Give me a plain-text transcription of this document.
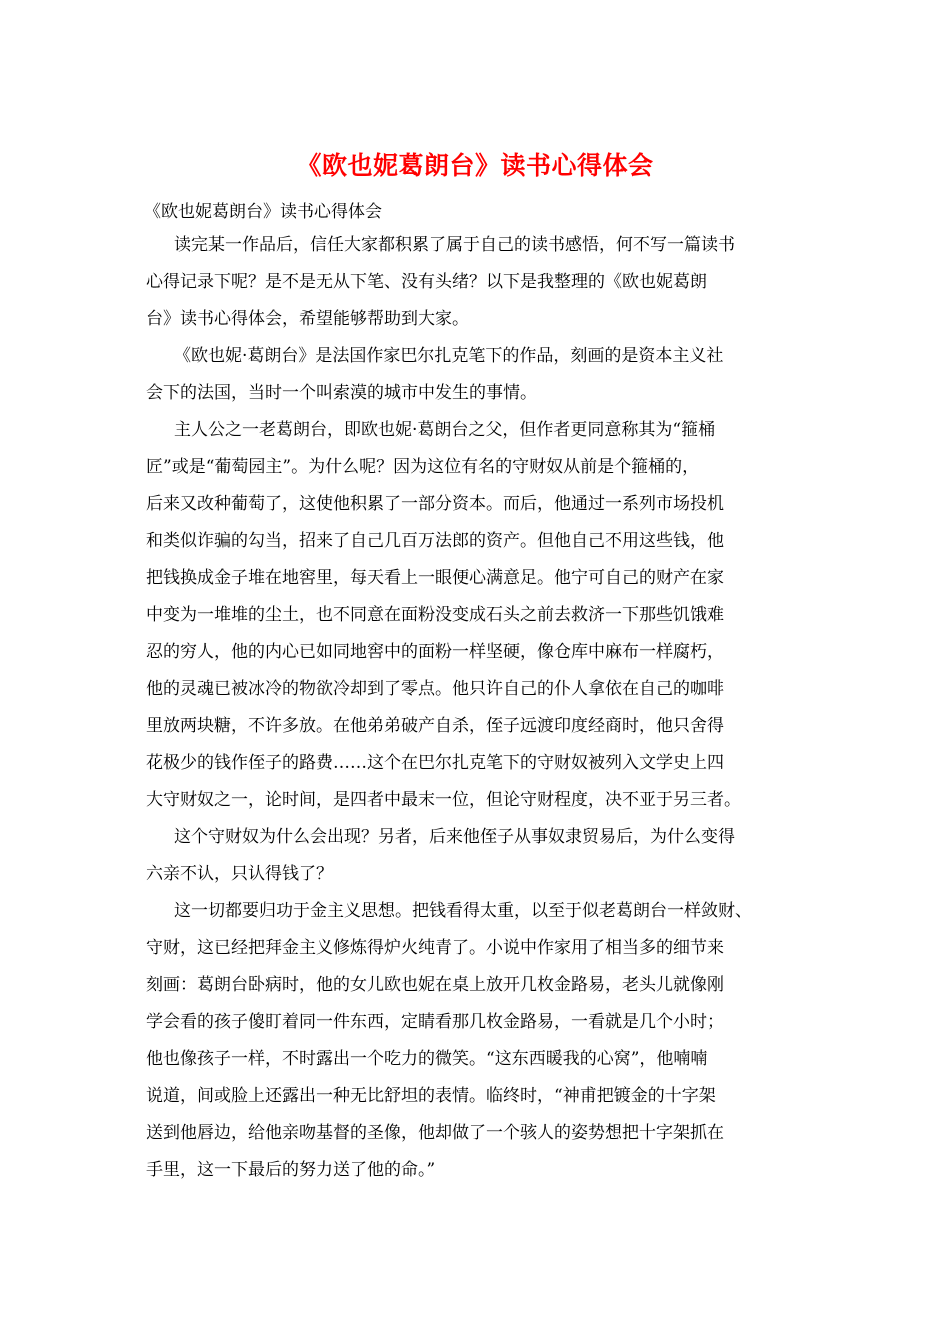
《欧也妮葛朗台》读书心得体会
《欧也妮葛朗台》读书心得体会
读完某一作品后，信任大家都积累了属于自己的读书感悟，何不写一篇读书
心得记录下呢？是不是无从下笔、没有头绪？以下是我整理的《欧也妮葛朗
台》读书心得体会，希望能够帮助到大家。
《欧也妮·葛朗台》是法国作家巴尔扎克笔下的作品，刻画的是资本主义社
会下的法国，当时一个叫索漠的城市中发生的事情。
主人公之一老葛朗台，即欧也妮·葛朗台之父，但作者更同意称其为“箍桶
匠”或是“葡萄园主”。为什么呢？因为这位有名的守财奴从前是个箍桶的，
后来又改种葡萄了，这使他积累了一部分资本。而后，他通过一系列市场投机
和类似诈骗的勾当，招来了自己几百万法郎的资产。但他自己不用这些钱，他
把钱换成金子堆在地窖里，每天看上一眼便心满意足。他宁可自己的财产在家
中变为一堆堆的尘土，也不同意在面粉没变成石头之前去救济一下那些饥饿难
忍的穷人，他的内心已如同地窖中的面粉一样坚硬，像仓库中麻布一样腐朽，
他的灵魂已被冰冷的物欲冷却到了零点。他只许自己的仆人拿依在自己的咖啡
里放两块糖，不许多放。在他弟弟破产自杀，侄子远渡印度经商时，他只舍得
花极少的钱作侄子的路费……这个在巴尔扎克笔下的守财奴被列入文学史上四
大守财奴之一，论时间，是四者中最末一位，但论守财程度，决不亚于另三者。
这个守财奴为什么会出现？另者，后来他侄子从事奴隶贸易后，为什么变得
六亲不认，只认得钱了？
这一切都要归功于金主义思想。把钱看得太重，以至于似老葛朗台一样敛财、
守财，这已经把拜金主义修炼得炉火纯青了。小说中作家用了相当多的细节来
刻画：葛朗台卧病时，他的女儿欧也妮在桌上放开几枚金路易，老头儿就像刚
学会看的孩子傻盯着同一件东西，定睛看那几枚金路易，一看就是几个小时；
他也像孩子一样，不时露出一个吃力的微笑。“这东西暖我的心窝”，他喃喃
说道，间或脸上还露出一种无比舒坦的表情。临终时，“神甫把镀金的十字架
送到他唇边，给他亲吻基督的圣像，他却做了一个骇人的姿势想把十字架抓在
手里，这一下最后的努力送了他的命。”
